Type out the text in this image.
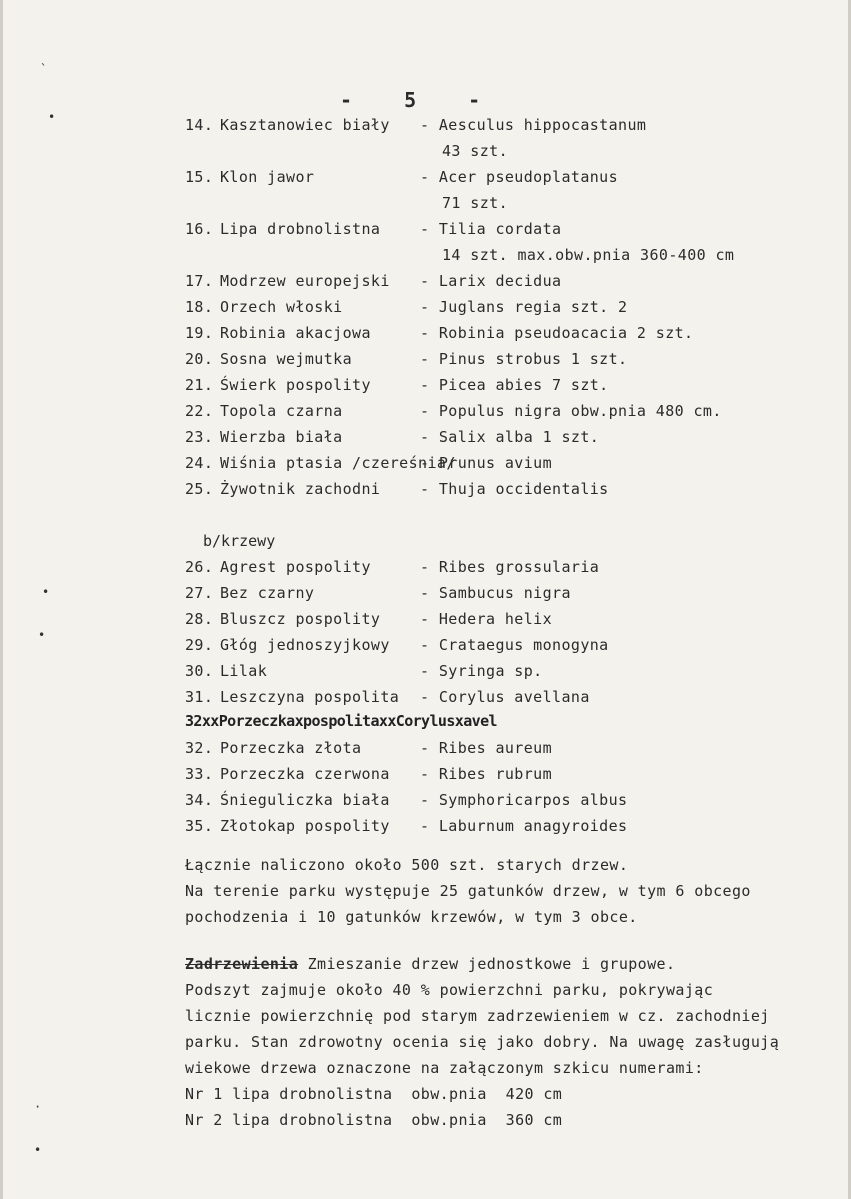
`
•
•
•
·
•
- 5 -
14. Kasztanowiec biały - Aesculus hippocastanum
43 szt.
15. Klon jawor	- Acer pseudoplatanus
71 szt.
16. Lipa drobnolistna	- Tilia cordata
14 szt. max.obw.pnia 360-400 cm
17. Modrzew europejski - Larix decidua
18. Orzech włoski	- Juglans regia szt. 2
19. Robinia akacjowa	- Robinia pseudoacacia 2 szt.
20. Sosna wejmutka	- Pinus strobus 1 szt.
21. Świerk pospolity	- Picea abies 7 szt.
22. Topola czarna	- Populus nigra obw.pnia 480 cm.
23. Wierzba biała	- Salix alba 1 szt.
24. Wiśnia ptasia /czereśnia/
- Prunus avium
25. Żywotnik zachodni	- Thuja occidentalis
b/krzewy
26. Agrest pospolity	- Ribes grossularia
27. Bez czarny	- Sambucus nigra
28. Bluszcz pospolity	- Hedera helix
29. Głóg jednoszyjkowy - Crataegus monogyna
30. Lilak	- Syringa sp.
31. Leszczyna pospolita - Corylus avellana
32xxPorzeczkaxpospolitaxxCorylusxavel
32. Porzeczka złota	- Ribes aureum
33. Porzeczka czerwona - Ribes rubrum
34. Śnieguliczka biała - Symphoricarpos albus
35. Złotokap pospolity - Laburnum anagyroides
Łącznie naliczono około 500 szt. starych drzew.
Na terenie parku występuje 25 gatunków drzew, w tym 6 obcego
pochodzenia i 10 gatunków krzewów, w tym 3 obce.
Zadrzewienia Zmieszanie drzew jednostkowe i grupowe.
Podszyt zajmuje około 40 % powierzchni parku, pokrywając
licznie powierzchnię pod starym zadrzewieniem w cz. zachodniej
parku. Stan zdrowotny ocenia się jako dobry. Na uwagę zasługują
wiekowe drzewa oznaczone na załączonym szkicu numerami:
Nr 1 lipa drobnolistna  obw.pnia  420 cm
Nr 2 lipa drobnolistna  obw.pnia  360 cm
